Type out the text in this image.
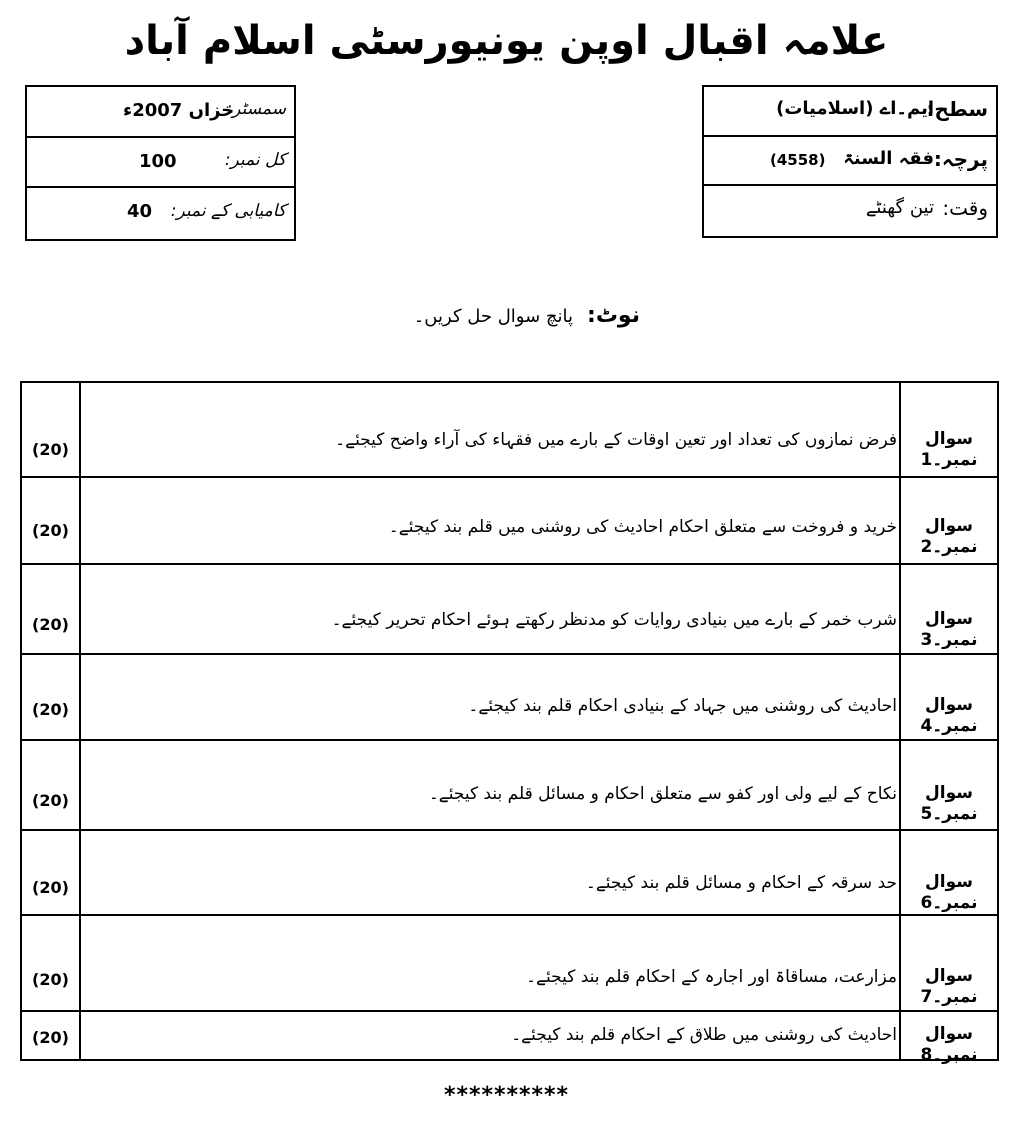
علامہ اقبال اوپن یونیورسٹی اسلام آباد
سمسٹر:
خزاں 2007ء
کل نمبر:
100
کامیابی کے نمبر:
40
سطح:
ایم۔اے (اسلامیات)
پرچہ:
فقہ السنۃ
(4558)
وقت:
تین گھنٹے
نوٹ:پانچ سوال حل کریں۔
(20)	فرض نمازوں کی تعداد اور تعین اوقات کے بارے میں فقہاء کی آراء واضح کیجئے۔	سوال نمبر۔1
(20)	خرید و فروخت سے متعلق احکام احادیث کی روشنی میں قلم بند کیجئے۔	سوال نمبر۔2
(20)	شرب خمر کے بارے میں بنیادی روایات کو مدنظر رکھتے ہوئے احکام تحریر کیجئے۔	سوال نمبر۔3
(20)	احادیث کی روشنی میں جہاد کے بنیادی احکام قلم بند کیجئے۔	سوال نمبر۔4
(20)	نکاح کے لیے ولی اور کفو سے متعلق احکام و مسائل قلم بند کیجئے۔	سوال نمبر۔5
(20)	حد سرقہ کے احکام و مسائل قلم بند کیجئے۔	سوال نمبر۔6
(20)	مزارعت، مساقاۃ اور اجارہ کے احکام قلم بند کیجئے۔	سوال نمبر۔7
(20)	احادیث کی روشنی میں طلاق کے احکام قلم بند کیجئے۔	سوال نمبر۔8
**********
